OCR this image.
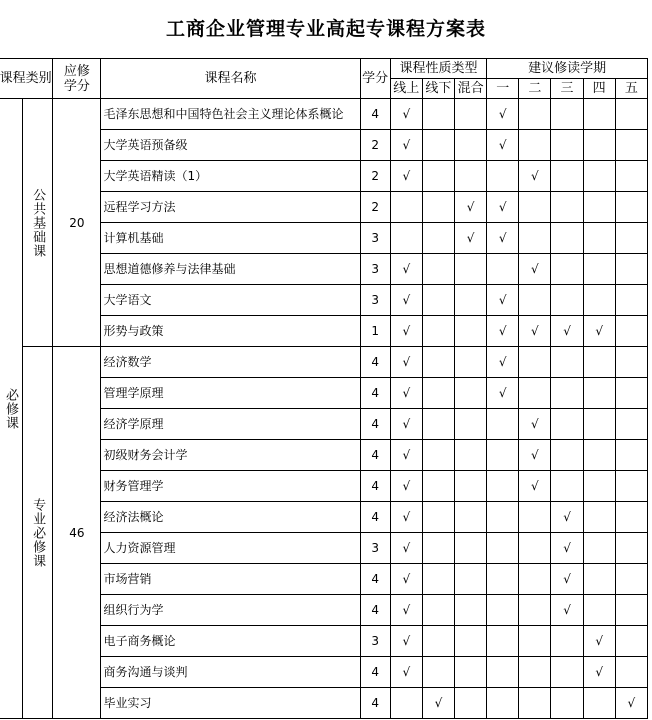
工商企业管理专业高起专课程方案表
课程类别		应修学分	课程名称	学分	课程性质类型			建议修读学期				
					线上	线下	混合	一	二	三	四	五

必修课	公共基础课	20	毛泽东思想和中国特色社会主义理论体系概论	4	√			√				

			大学英语预备级	2	√			√				

			大学英语精读（1）	2	√				√			

			远程学习方法	2			√	√				

			计算机基础	3			√	√				

			思想道德修养与法律基础	3	√				√			

			大学语文	3	√			√				

			形势与政策	1	√			√	√	√	√	

	专业必修课	46	经济数学	4	√			√				

			管理学原理	4	√			√				

			经济学原理	4	√				√			

			初级财务会计学	4	√				√			

			财务管理学	4	√				√			

			经济法概论	4	√					√		

			人力资源管理	3	√					√		

			市场营销	4	√					√		

			组织行为学	4	√					√		

			电子商务概论	3	√						√	

			商务沟通与谈判	4	√						√	

			毕业实习	4		√						√
